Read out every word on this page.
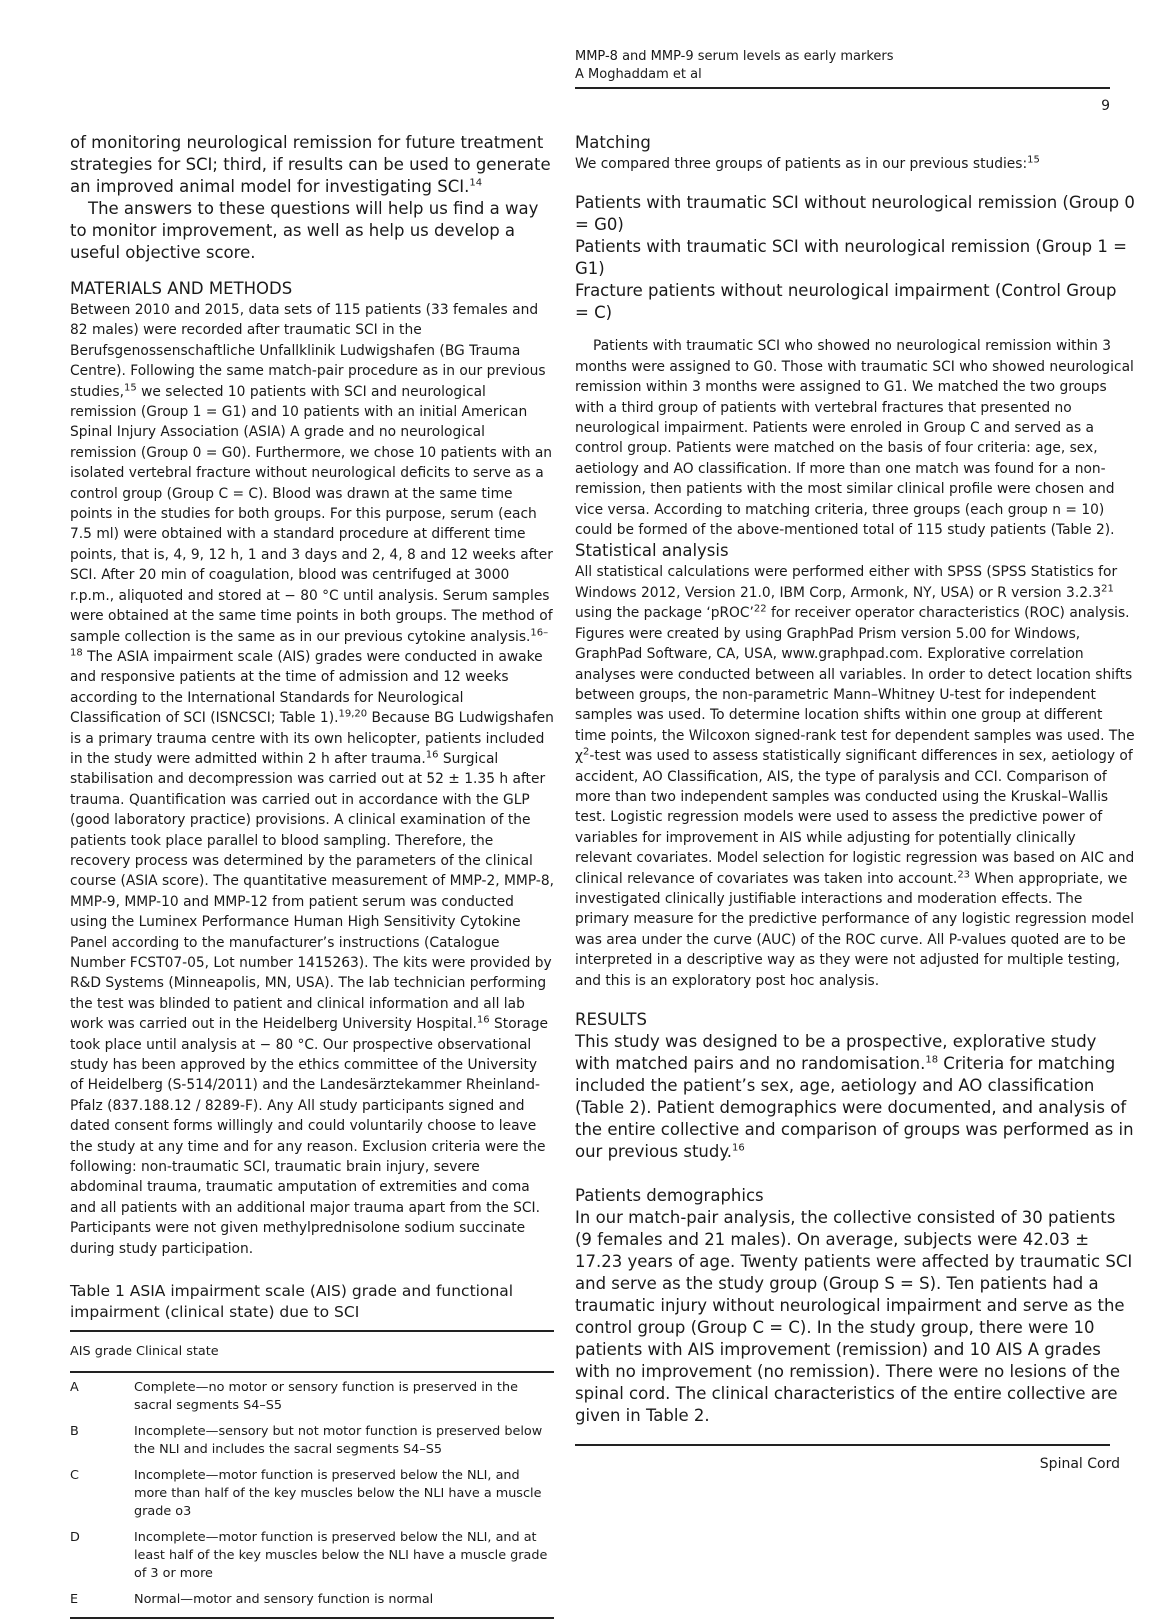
MMP-8 and MMP-9 serum levels as early markers
A Moghaddam et al
9

of monitoring neurological remission for future treatment strategies for SCI; third, if results can be used to generate an improved animal model for investigating SCI.$^{14}$

The answers to these questions will help us find a way to monitor improvement, as well as help us develop a useful objective score.

MATERIALS AND METHODS

Between 2010 and 2015, data sets of 115 patients (33 females and 82 males) were recorded after traumatic SCI in the Berufsgenossenschaftliche Unfallklinik Ludwigshafen (BG Trauma Centre). Following the same match-pair procedure as in our previous studies,$^{15}$ we selected 10 patients with SCI and neurological remission (Group 1 = G1) and 10 patients with an initial American Spinal Injury Association (ASIA) A grade and no neurological remission (Group 0 = G0). Furthermore, we chose 10 patients with an isolated vertebral fracture without neurological deficits to serve as a control group (Group C = C). Blood was drawn at the same time points in the studies for both groups. For this purpose, serum (each 7.5 ml) were obtained with a standard procedure at different time points, that is, 4, 9, 12 h, 1 and 3 days and 2, 4, 8 and 12 weeks after SCI. After 20 min of coagulation, blood was centrifuged at 3000 r.p.m., aliquoted and stored at − 80 °C until analysis. Serum samples were obtained at the same time points in both groups. The method of sample collection is the same as in our previous cytokine analysis.$^{16-18}$ The ASIA impairment scale (AIS) grades were conducted in awake and responsive patients at the time of admission and 12 weeks according to the International Standards for Neurological Classification of SCI (ISNCSCI; Table 1).$^{19,20}$ Because BG Ludwigshafen is a primary trauma centre with its own helicopter, patients included in the study were admitted within 2 h after trauma.$^{16}$ Surgical stabilisation and decompression was carried out at 52 ± 1.35 h after trauma. Quantification was carried out in accordance with the GLP (good laboratory practice) provisions. A clinical examination of the patients took place parallel to blood sampling. Therefore, the recovery process was determined by the parameters of the clinical course (ASIA score). The quantitative measurement of MMP-2, MMP-8, MMP-9, MMP-10 and MMP-12 from patient serum was conducted using the Luminex Performance Human High Sensitivity Cytokine Panel according to the manufacturer’s instructions (Catalogue Number FCST07-05, Lot number 1415263). The kits were provided by R&D Systems (Minneapolis, MN, USA). The lab technician performing the test was blinded to patient and clinical information and all lab work was carried out in the Heidelberg University Hospital.$^{16}$ Storage took place until analysis at − 80 °C. Our prospective observational study has been approved by the ethics committee of the University of Heidelberg (S-514/2011) and the Landesärztekammer Rheinland-Pfalz (837.188.12 / 8289-F). Any All study participants signed and dated consent forms willingly and could voluntarily choose to leave the study at any time and for any reason. Exclusion criteria were the following: non-traumatic SCI, traumatic brain injury, severe abdominal trauma, traumatic amputation of extremities and coma and all patients with an additional major trauma apart from the SCI. Participants were not given methylprednisolone sodium succinate during study participation.

Table 1 ASIA impairment scale (AIS) grade and functional impairment (clinical state) due to SCI

AIS grade Clinical state	
A	Complete—no motor or sensory function is preserved in the sacral segments S4–S5
B	Incomplete—sensory but not motor function is preserved below the NLI and includes the sacral segments S4–S5
C	Incomplete—motor function is preserved below the NLI, and more than half of the key muscles below the NLI have a muscle grade o3
D	Incomplete—motor function is preserved below the NLI, and at least half of the key muscles below the NLI have a muscle grade of 3 or more
E	Normal—motor and sensory function is normal
Matching

We compared three groups of patients as in our previous studies:$^{15}$

Patients with traumatic SCI without neurological remission (Group 0 = G0)
Patients with traumatic SCI with neurological remission (Group 1 = G1)
Fracture patients without neurological impairment (Control Group = C)

Patients with traumatic SCI who showed no neurological remission within 3 months were assigned to G0. Those with traumatic SCI who showed neurological remission within 3 months were assigned to G1. We matched the two groups with a third group of patients with vertebral fractures that presented no neurological impairment. Patients were enroled in Group C and served as a control group. Patients were matched on the basis of four criteria: age, sex, aetiology and AO classification. If more than one match was found for a non-remission, then patients with the most similar clinical profile were chosen and vice versa. According to matching criteria, three groups (each group n = 10) could be formed of the above-mentioned total of 115 study patients (Table 2).

Statistical analysis

All statistical calculations were performed either with SPSS (SPSS Statistics for Windows 2012, Version 21.0, IBM Corp, Armonk, NY, USA) or R version 3.2.3$^{21}$ using the package ‘pROC’$^{22}$ for receiver operator characteristics (ROC) analysis. Figures were created by using GraphPad Prism version 5.00 for Windows, GraphPad Software, CA, USA, www.graphpad.com. Explorative correlation analyses were conducted between all variables. In order to detect location shifts between groups, the non-parametric Mann–Whitney U-test for independent samples was used. To determine location shifts within one group at different time points, the Wilcoxon signed-rank test for dependent samples was used. The $\chi^2$-test was used to assess statistically significant differences in sex, aetiology of accident, AO Classification, AIS, the type of paralysis and CCI. Comparison of more than two independent samples was conducted using the Kruskal–Wallis test. Logistic regression models were used to assess the predictive power of variables for improvement in AIS while adjusting for potentially clinically relevant covariates. Model selection for logistic regression was based on AIC and clinical relevance of covariates was taken into account.$^{23}$ When appropriate, we investigated clinically justifiable interactions and moderation effects. The primary measure for the predictive performance of any logistic regression model was area under the curve (AUC) of the ROC curve. All P-values quoted are to be interpreted in a descriptive way as they were not adjusted for multiple testing, and this is an exploratory post hoc analysis.

RESULTS

This study was designed to be a prospective, explorative study with matched pairs and no randomisation.$^{18}$ Criteria for matching included the patient’s sex, age, aetiology and AO classification (Table 2). Patient demographics were documented, and analysis of the entire collective and comparison of groups was performed as in our previous study.$^{16}$

Patients demographics

In our match-pair analysis, the collective consisted of 30 patients (9 females and 21 males). On average, subjects were 42.03 ± 17.23 years of age. Twenty patients were affected by traumatic SCI and serve as the study group (Group S = S). Ten patients had a traumatic injury without neurological impairment and serve as the control group (Group C = C). In the study group, there were 10 patients with AIS improvement (remission) and 10 AIS A grades with no improvement (no remission). There were no lesions of the spinal cord. The clinical characteristics of the entire collective are given in Table 2.

Spinal Cord
